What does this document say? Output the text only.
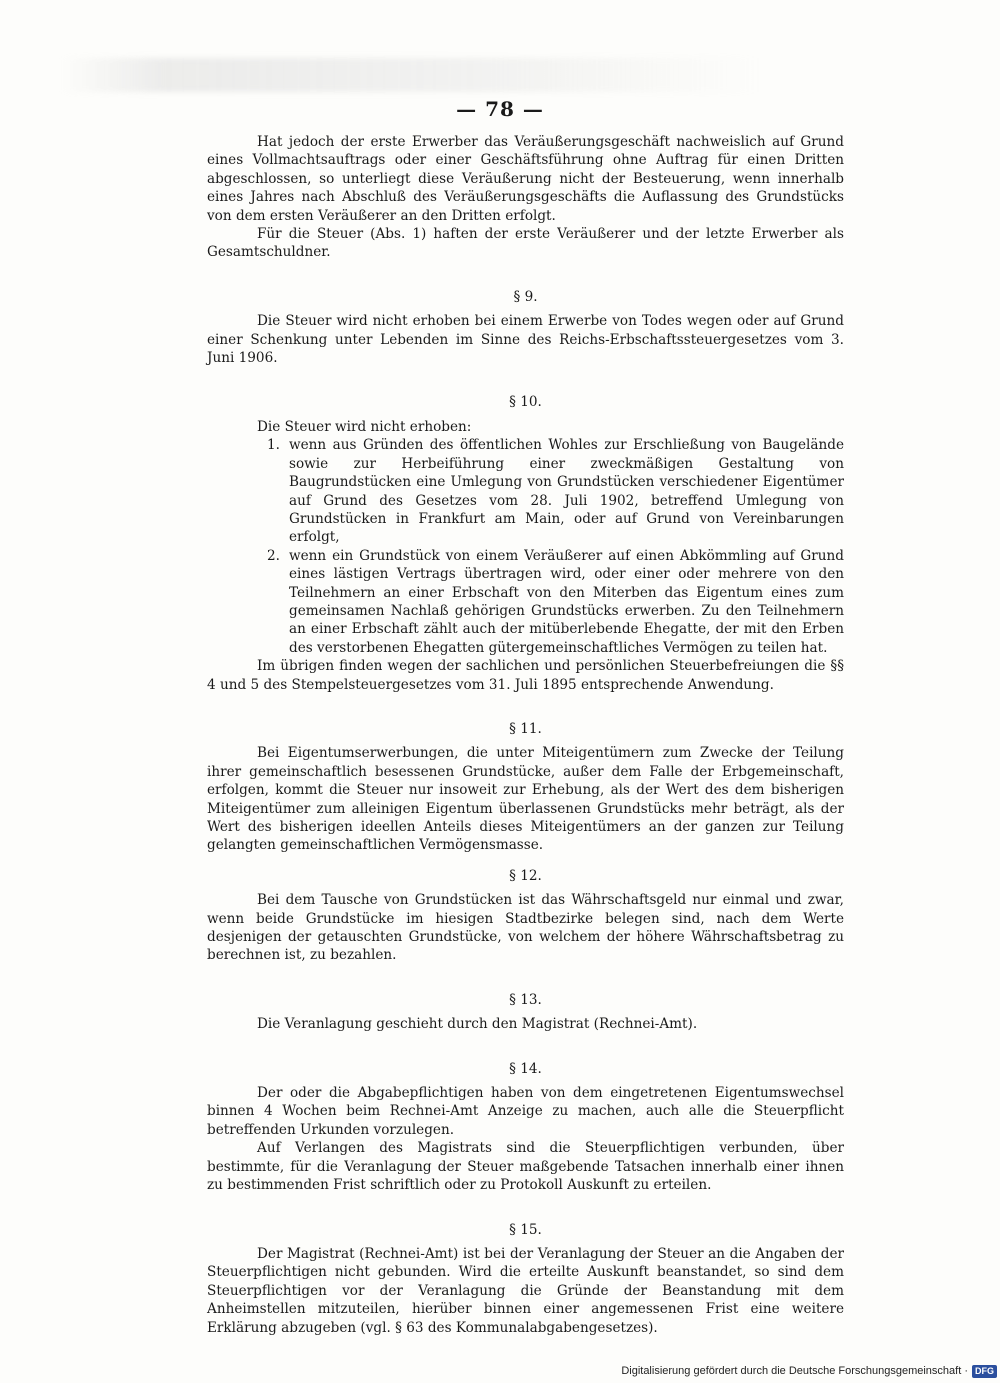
— 78 —

Hat jedoch der erste Erwerber das Veräußerungsgeschäft nachweislich auf Grund eines Vollmachtsauftrags oder einer Geschäftsführung ohne Auftrag für einen Dritten abgeschlossen, so unterliegt diese Veräußerung nicht der Besteuerung, wenn innerhalb eines Jahres nach Abschluß des Veräußerungsgeschäfts die Auflassung des Grundstücks von dem ersten Veräußerer an den Dritten erfolgt.

Für die Steuer (Abs. 1) haften der erste Veräußerer und der letzte Erwerber als Gesamtschuldner.

§ 9.

Die Steuer wird nicht erhoben bei einem Erwerbe von Todes wegen oder auf Grund einer Schenkung unter Lebenden im Sinne des Reichs-Erbschaftssteuergesetzes vom 3. Juni 1906.

§ 10.

Die Steuer wird nicht erhoben:

1. wenn aus Gründen des öffentlichen Wohles zur Erschließung von Baugelände sowie zur Herbeiführung einer zweckmäßigen Gestaltung von Baugrundstücken eine Umlegung von Grundstücken verschiedener Eigentümer auf Grund des Gesetzes vom 28. Juli 1902, betreffend Umlegung von Grundstücken in Frankfurt am Main, oder auf Grund von Vereinbarungen erfolgt,
2. wenn ein Grundstück von einem Veräußerer auf einen Abkömmling auf Grund eines lästigen Vertrags übertragen wird, oder einer oder mehrere von den Teilnehmern an einer Erbschaft von den Miterben das Eigentum eines zum gemeinsamen Nachlaß gehörigen Grundstücks erwerben. Zu den Teilnehmern an einer Erbschaft zählt auch der mitüberlebende Ehegatte, der mit den Erben des verstorbenen Ehegatten gütergemeinschaftliches Vermögen zu teilen hat.

Im übrigen finden wegen der sachlichen und persönlichen Steuerbefreiungen die §§ 4 und 5 des Stempelsteuergesetzes vom 31. Juli 1895 entsprechende Anwendung.

§ 11.

Bei Eigentumserwerbungen, die unter Miteigentümern zum Zwecke der Teilung ihrer gemeinschaftlich besessenen Grundstücke, außer dem Falle der Erbgemeinschaft, erfolgen, kommt die Steuer nur insoweit zur Erhebung, als der Wert des dem bisherigen Miteigentümer zum alleinigen Eigentum überlassenen Grundstücks mehr beträgt, als der Wert des bisherigen ideellen Anteils dieses Miteigentümers an der ganzen zur Teilung gelangten gemeinschaftlichen Vermögensmasse.

§ 12.

Bei dem Tausche von Grundstücken ist das Währschaftsgeld nur einmal und zwar, wenn beide Grundstücke im hiesigen Stadtbezirke belegen sind, nach dem Werte desjenigen der getauschten Grundstücke, von welchem der höhere Währschaftsbetrag zu berechnen ist, zu bezahlen.

§ 13.

Die Veranlagung geschieht durch den Magistrat (Rechnei-Amt).

§ 14.

Der oder die Abgabepflichtigen haben von dem eingetretenen Eigentumswechsel binnen 4 Wochen beim Rechnei-Amt Anzeige zu machen, auch alle die Steuerpflicht betreffenden Urkunden vorzulegen.

Auf Verlangen des Magistrats sind die Steuerpflichtigen verbunden, über bestimmte, für die Veranlagung der Steuer maßgebende Tatsachen innerhalb einer ihnen zu bestimmenden Frist schriftlich oder zu Protokoll Auskunft zu erteilen.

§ 15.

Der Magistrat (Rechnei-Amt) ist bei der Veranlagung der Steuer an die Angaben der Steuerpflichtigen nicht gebunden. Wird die erteilte Auskunft beanstandet, so sind dem Steuerpflichtigen vor der Veranlagung die Gründe der Beanstandung mit dem Anheimstellen mitzuteilen, hierüber binnen einer angemessenen Frist eine weitere Erklärung abzugeben (vgl. § 63 des Kommunalabgabengesetzes).

Digitalisierung gefördert durch die Deutsche Forschungsgemeinschaft · DFG
